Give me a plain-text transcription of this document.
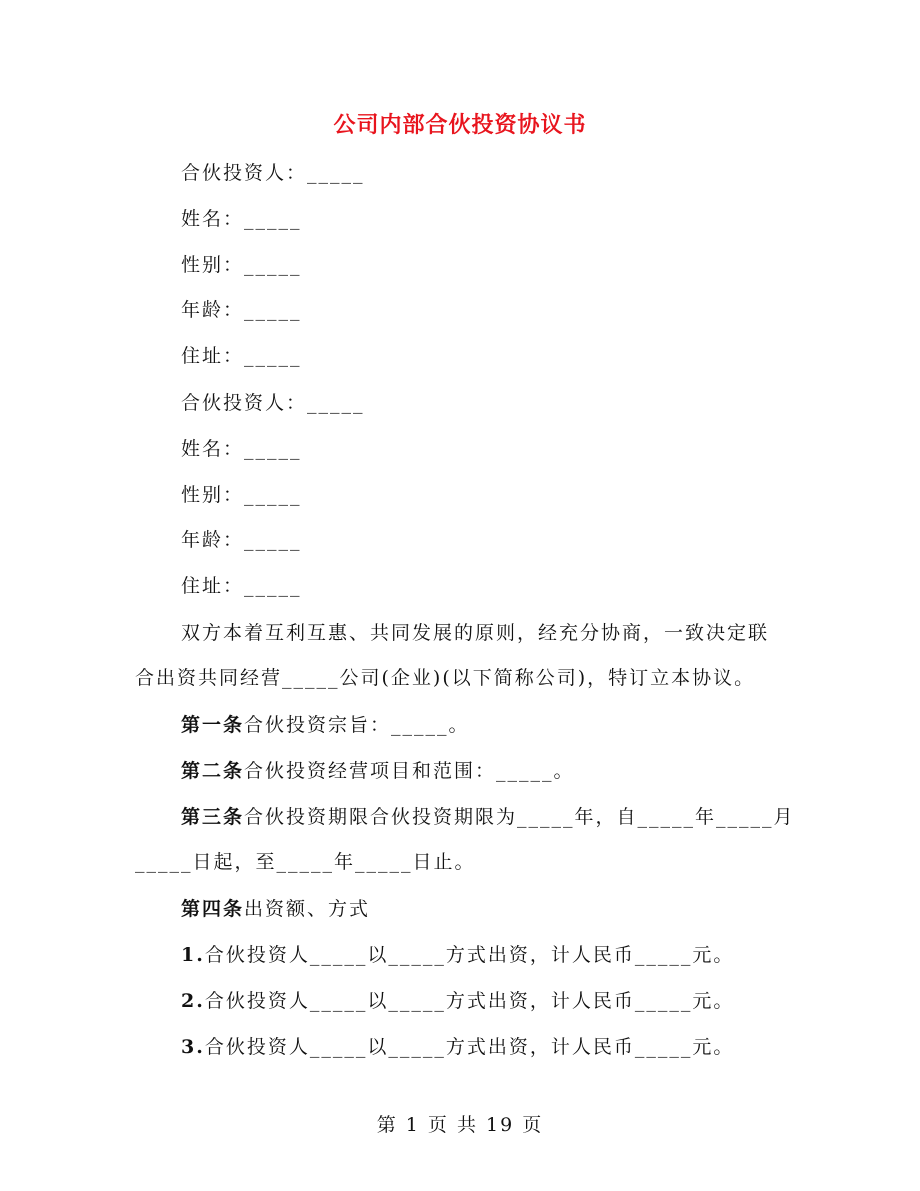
公司内部合伙投资协议书
合伙投资人：_____
姓名：_____
性别：_____
年龄：_____
住址：_____
合伙投资人：_____
姓名：_____
性别：_____
年龄：_____
住址：_____
双方本着互利互惠、共同发展的原则，经充分协商，一致决定联
合出资共同经营_____公司(企业)(以下简称公司)，特订立本协议。
第一条合伙投资宗旨：_____。
第二条合伙投资经营项目和范围：_____。
第三条合伙投资期限合伙投资期限为_____年，自_____年_____月
_____日起，至_____年_____日止。
第四条出资额、方式
1.合伙投资人_____以_____方式出资，计人民币_____元。
2.合伙投资人_____以_____方式出资，计人民币_____元。
3.合伙投资人_____以_____方式出资，计人民币_____元。
第 1 页 共 19 页
